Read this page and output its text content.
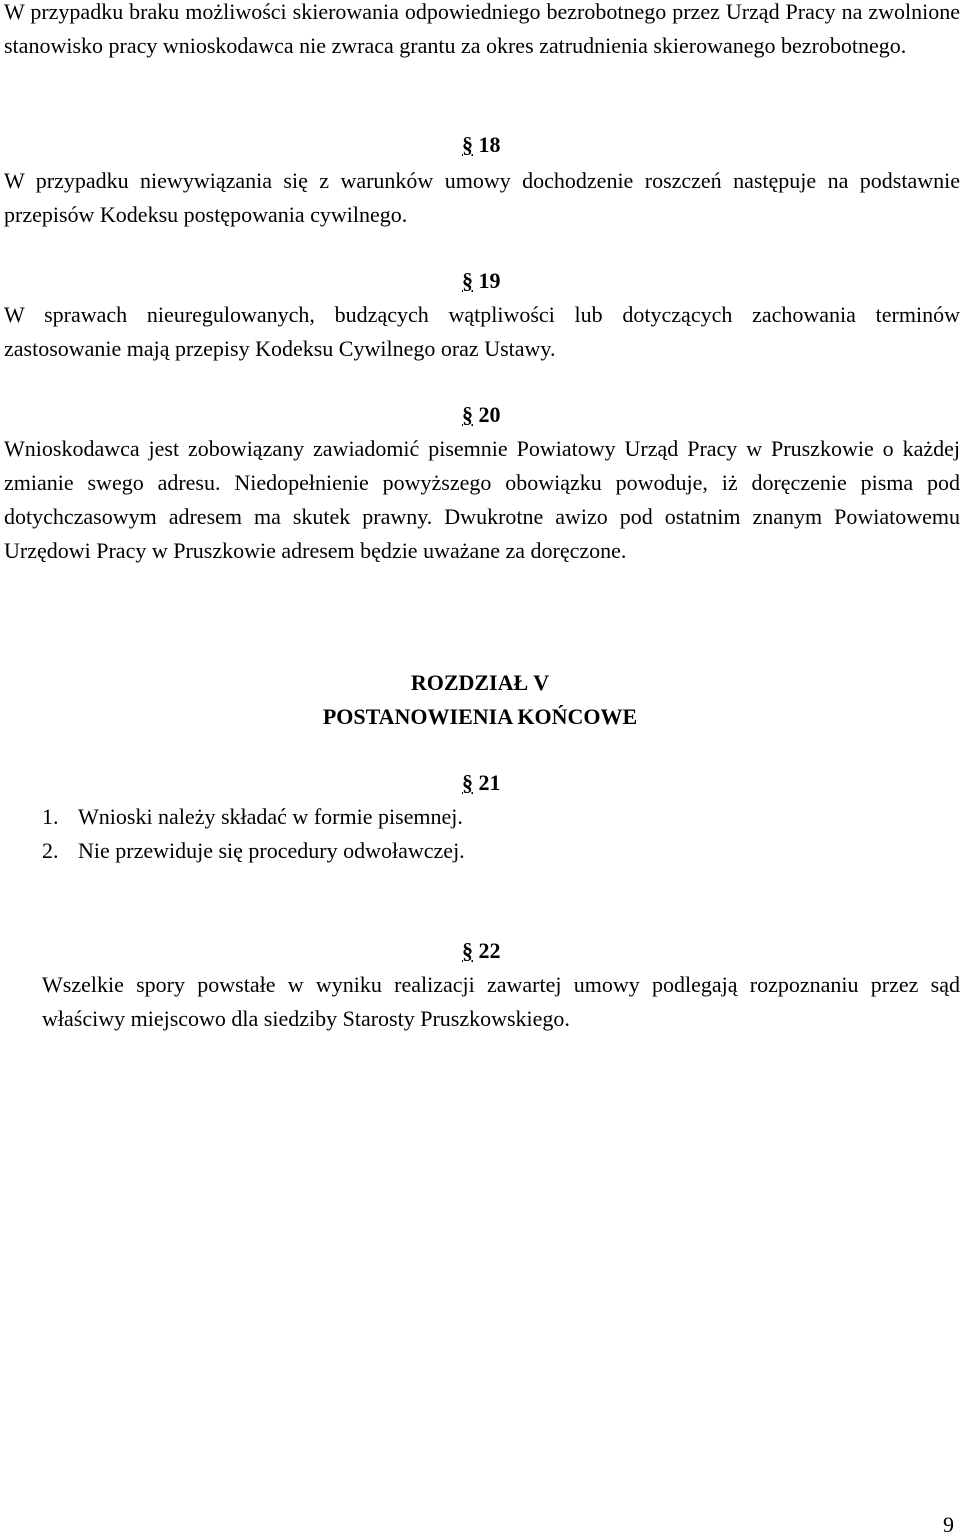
W przypadku braku możliwości skierowania odpowiedniego bezrobotnego przez Urząd Pracy na zwolnione stanowisko pracy wnioskodawca nie zwraca grantu za okres zatrudnienia skierowanego bezrobotnego.

§ 18

W przypadku niewywiązania się z warunków umowy dochodzenie roszczeń następuje na podstawnie przepisów Kodeksu postępowania cywilnego.

§ 19

W sprawach nieuregulowanych, budzących wątpliwości lub dotyczących zachowania terminów zastosowanie mają przepisy Kodeksu Cywilnego oraz Ustawy.

§ 20

Wnioskodawca jest zobowiązany zawiadomić pisemnie Powiatowy Urząd Pracy w Pruszkowie o każdej zmianie swego adresu. Niedopełnienie powyższego obowiązku powoduje, iż doręczenie pisma pod dotychczasowym adresem ma skutek prawny. Dwukrotne awizo pod ostatnim znanym Powiatowemu Urzędowi Pracy w Pruszkowie adresem będzie uważane za doręczone.

ROZDZIAŁ V
POSTANOWIENIA KOŃCOWE
§ 21
1. Wnioski należy składać w formie pisemnej.
2. Nie przewiduje się procedury odwoławczej.
§ 22

Wszelkie spory powstałe w wyniku realizacji zawartej umowy podlegają rozpoznaniu przez sąd właściwy miejscowo dla siedziby Starosty Pruszkowskiego.

9
